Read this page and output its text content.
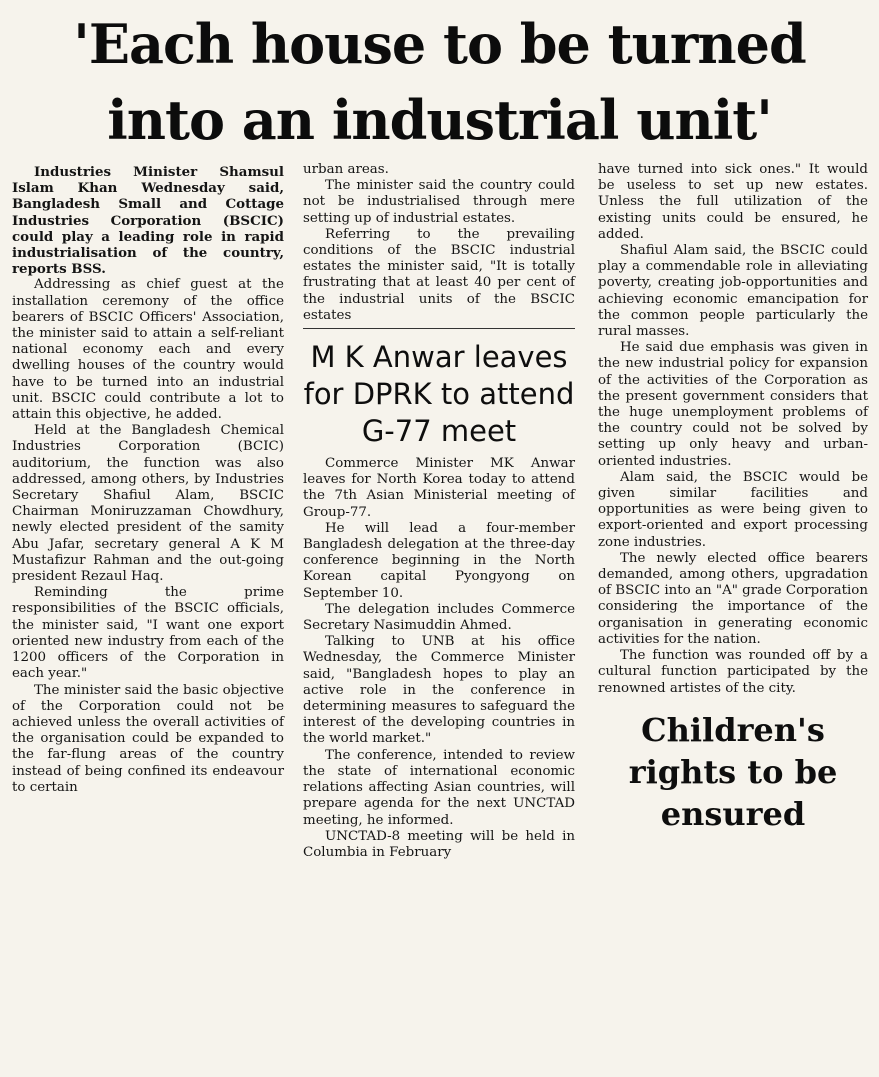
'Each house to be turned
into an industrial unit'

Industries Minister Shamsul Islam Khan Wednesday said, Bangladesh Small and Cottage Industries Corporation (BSCIC) could play a leading role in rapid industrialisation of the country, reports BSS.

Addressing as chief guest at the installation ceremony of the office bearers of BSCIC Officers' Association, the minister said to attain a self-reliant national economy each and every dwelling houses of the country would have to be turned into an industrial unit. BSCIC could contribute a lot to attain this objective, he added.

Held at the Bangladesh Chemical Industries Corporation (BCIC) auditorium, the function was also addressed, among others, by Industries Secretary Shafiul Alam, BSCIC Chairman Moniruzzaman Chowdhury, newly elected president of the samity Abu Jafar, secretary general A K M Mustafizur Rahman and the out-going president Rezaul Haq.

Reminding the prime responsibilities of the BSCIC officials, the minister said, "I want one export oriented new industry from each of the 1200 officers of the Corporation in each year."

The minister said the basic objective of the Corporation could not be achieved unless the overall activities of the organisation could be expanded to the far-flung areas of the country instead of being confined its endeavour to certain

urban areas.

The minister said the country could not be industrialised through mere setting up of industrial estates.

Referring to the prevailing conditions of the BSCIC industrial estates the minister said, "It is totally frustrating that at least 40 per cent of the industrial units of the BSCIC estates

M K Anwar leaves for DPRK to attend G-77 meet

Commerce Minister MK Anwar leaves for North Korea today to attend the 7th Asian Ministerial meeting of Group-77.

He will lead a four-member Bangladesh delegation at the three-day conference beginning in the North Korean capital Pyongyong on September 10.

The delegation includes Commerce Secretary Nasimuddin Ahmed.

Talking to UNB at his office Wednesday, the Commerce Minister said, "Bangladesh hopes to play an active role in the conference in determining measures to safeguard the interest of the developing countries in the world market."

The conference, intended to review the state of international economic relations affecting Asian countries, will prepare agenda for the next UNCTAD meeting, he informed.

UNCTAD-8 meeting will be held in Columbia in February

have turned into sick ones." It would be useless to set up new estates. Unless the full utilization of the existing units could be ensured, he added.

Shafiul Alam said, the BSCIC could play a commendable role in alleviating poverty, creating job-opportunities and achieving economic emancipation for the common people particularly the rural masses.

He said due emphasis was given in the new industrial policy for expansion of the activities of the Corporation as the present government considers that the huge unemployment problems of the country could not be solved by setting up only heavy and urban-oriented industries.

Alam said, the BSCIC would be given similar facilities and opportunities as were being given to export-oriented and export processing zone industries.

The newly elected office bearers demanded, among others, upgradation of BSCIC into an "A" grade Corporation considering the importance of the organisation in generating economic activities for the nation.

The function was rounded off by a cultural function participated by the renowned artistes of the city.

Children's rights to be ensured
